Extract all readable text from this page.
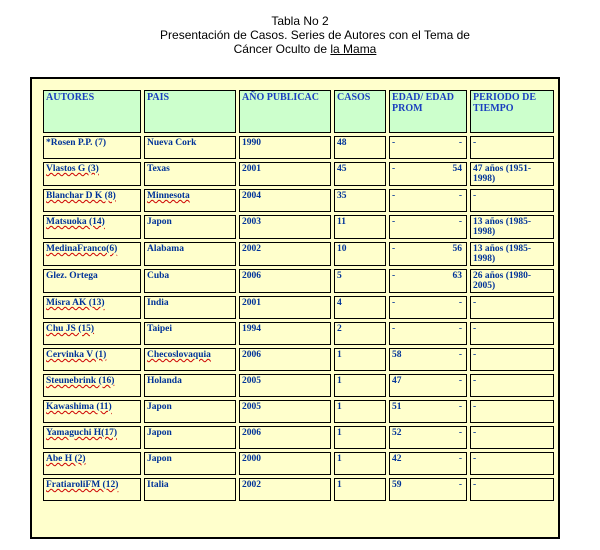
Tabla No 2
Presentación de Casos. Series de Autores con el Tema de
Cáncer Oculto de la Mama
AUTORES	PAIS	AÑO PUBLICAC	CASOS	EDAD/ EDAD PROM	PERIODO DE TIEMPO
*Rosen P.P. (7)	Nueva Cork	1990	48	- -	-
Vlastos G (3)	Texas	2001	45	- 54	47 años (1951-1998)
Blanchar D K (8)	Minnesota	2004	35	- -	-
Matsuoka (14)	Japon	2003	11	- -	13 años (1985-1998)
MedinaFranco(6)	Alabama	2002	10	- 56	13 años (1985-1998)
Glez. Ortega	Cuba	2006	5	- 63	26 años (1980-2005)
Misra AK (13)	India	2001	4	- -	-
Chu JS (15)	Taipei	1994	2	- -	-
Cervinka V (1)	Checoslovaquia	2006	1	58 -	-
Steunebrink (16)	Holanda	2005	1	47 -	-
Kawashima (11)	Japon	2005	1	51 -	-
Yamaguchi H(17)	Japon	2006	1	52 -	-
Abe H (2)	Japon	2000	1	42 -	-
FratiaroliFM (12)	Italia	2002	1	59 -	-
